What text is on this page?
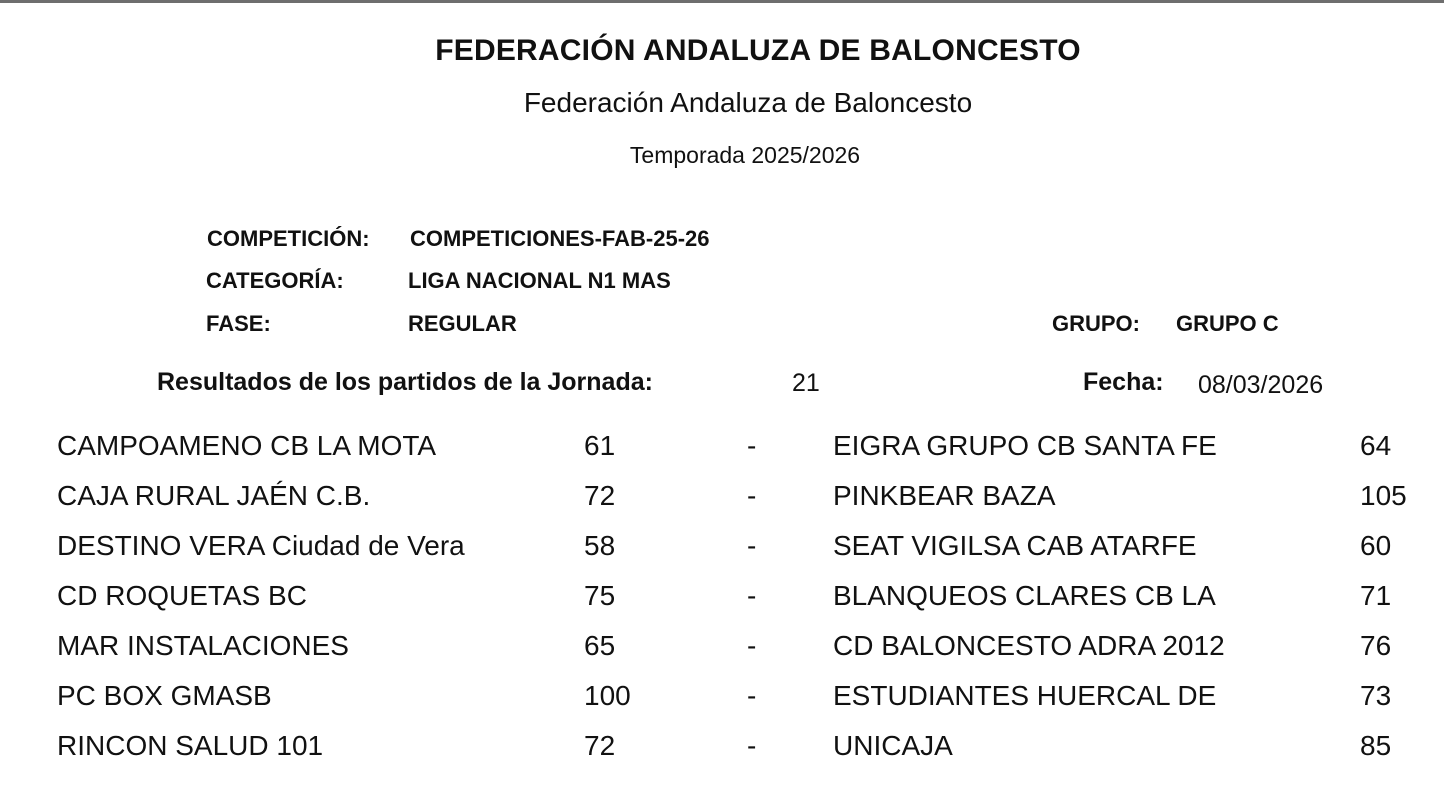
FEDERACIÓN ANDALUZA DE BALONCESTO
Federación Andaluza de Baloncesto
Temporada 2025/2026
COMPETICIÓN: COMPETICIONES-FAB-25-26
CATEGORÍA:	LIGA NACIONAL N1 MAS
FASE:	REGULAR	GRUPO: GRUPO C
Resultados de los partidos de la Jornada:	21	Fecha: 08/03/2026
CAMPOAMENO CB LA MOTA	61	-	EIGRA GRUPO CB SANTA FE	64
CAJA RURAL JAÉN C.B.	72	-	PINKBEAR BAZA	105
DESTINO VERA Ciudad de Vera	58	-	SEAT VIGILSA CAB ATARFE	60
CD ROQUETAS BC	75	-	BLANQUEOS CLARES CB LA	71
MAR INSTALACIONES	65	-	CD BALONCESTO ADRA 2012	76
PC BOX GMASB	100	-	ESTUDIANTES HUERCAL DE	73
RINCON SALUD 101	72	-	UNICAJA	85
